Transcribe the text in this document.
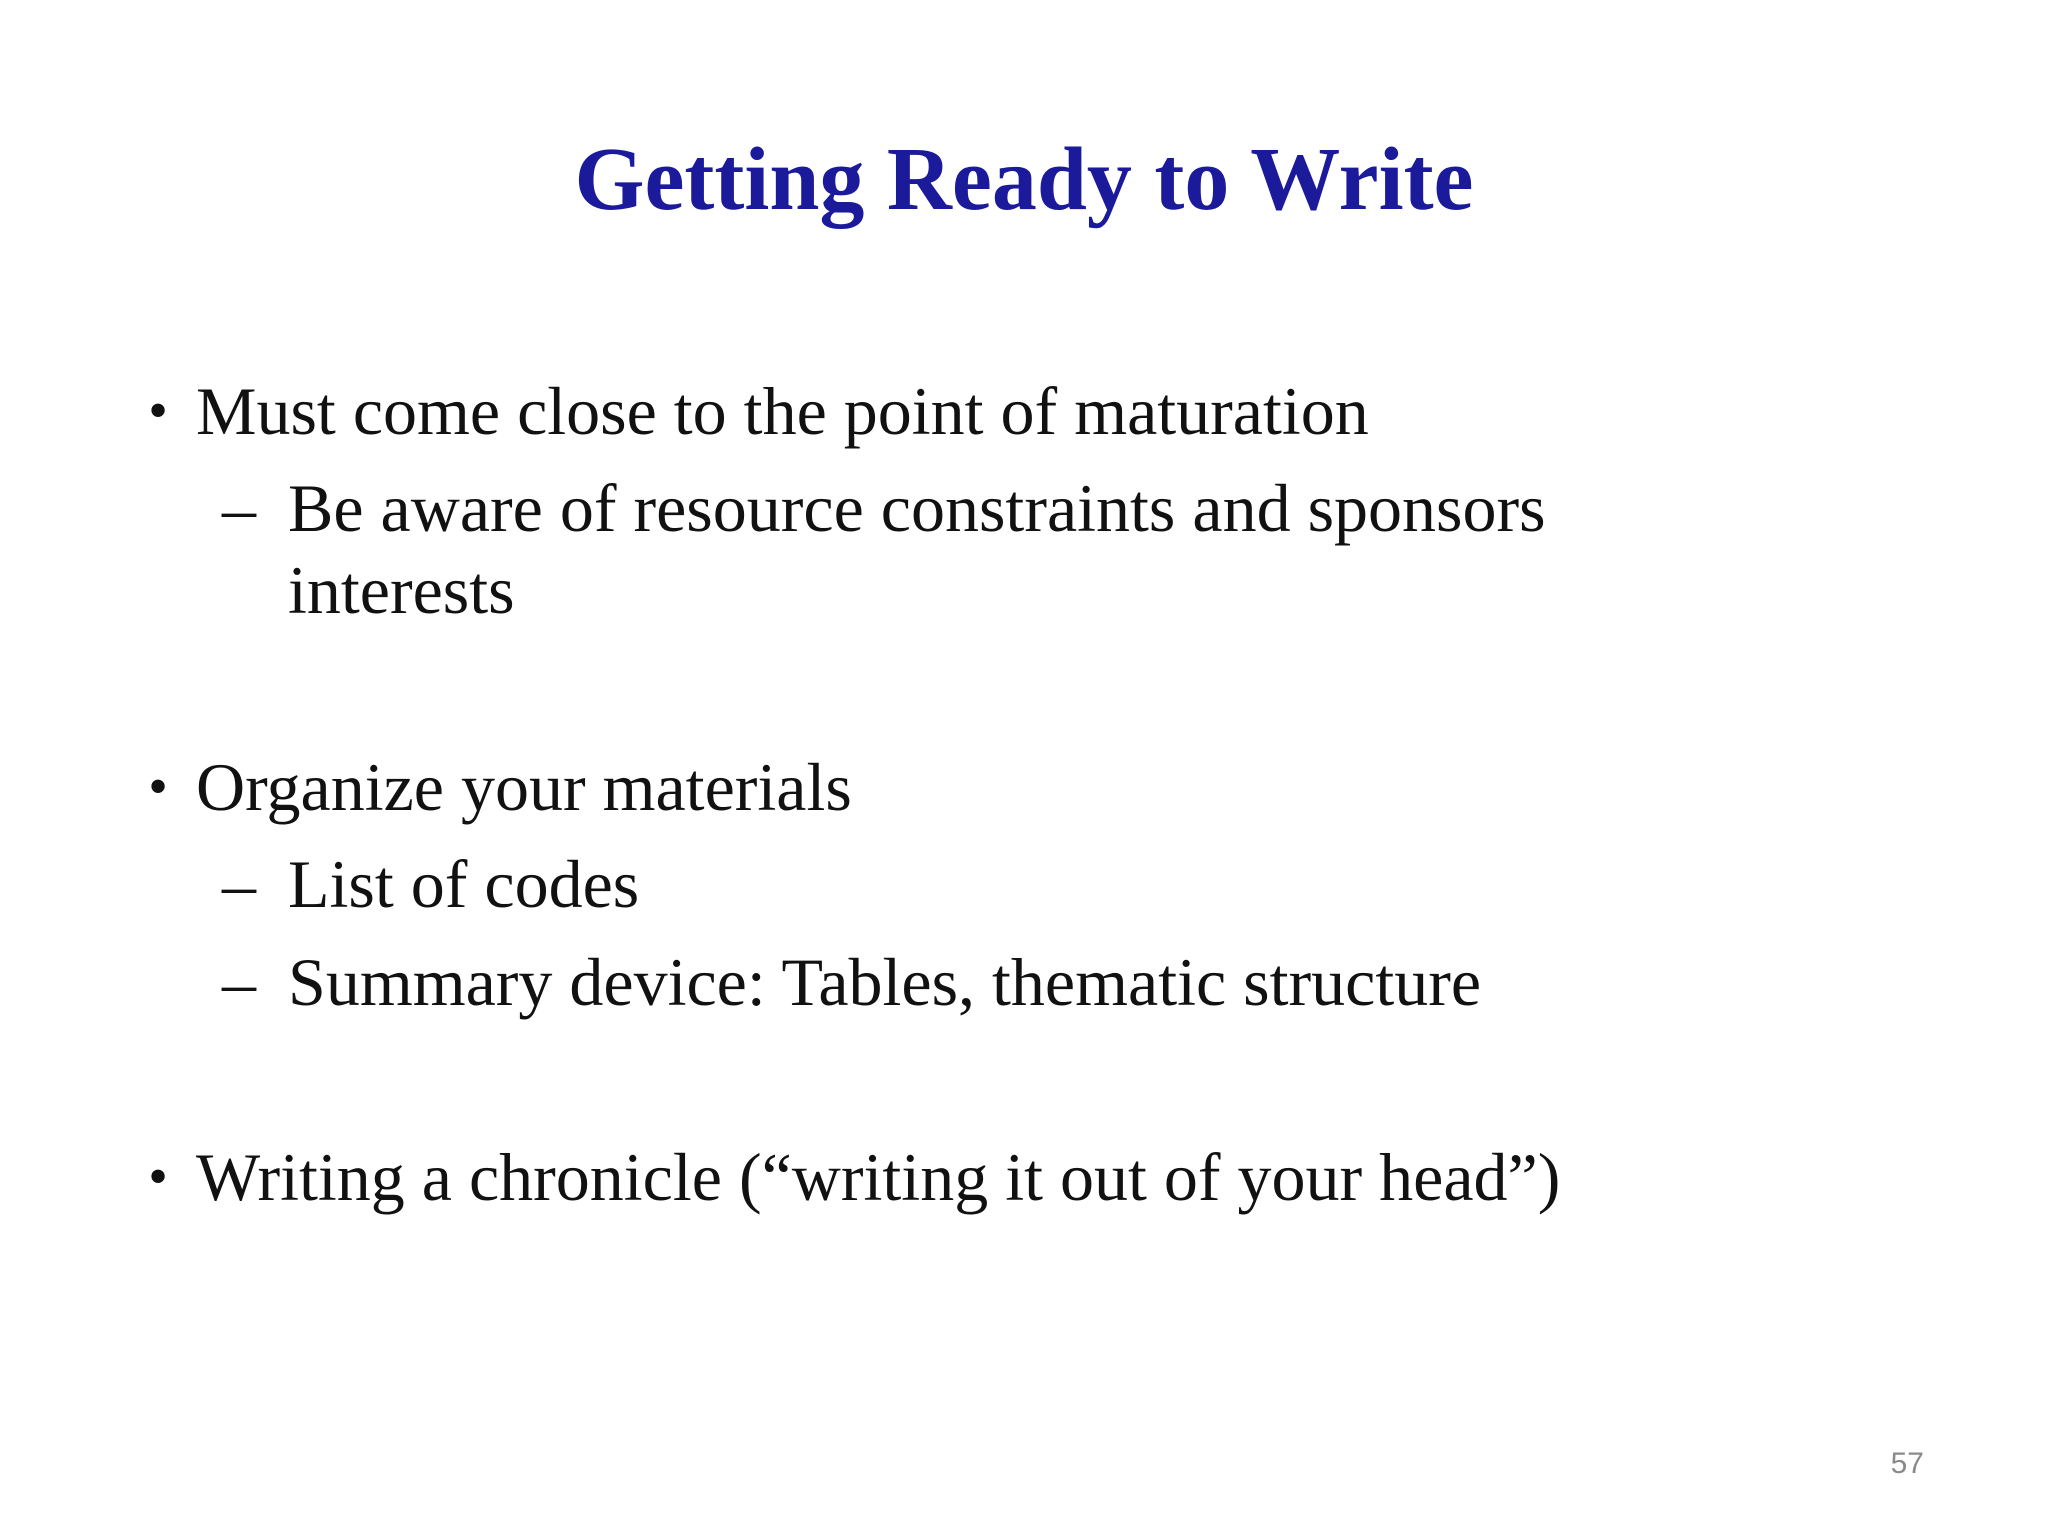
Getting Ready to Write
• Must come close to the point of maturation
– Be aware of resource constraints and sponsors interests
• Organize your materials
– List of codes
– Summary device: Tables, thematic structure
• Writing a chronicle (“writing it out of your head”)
57
